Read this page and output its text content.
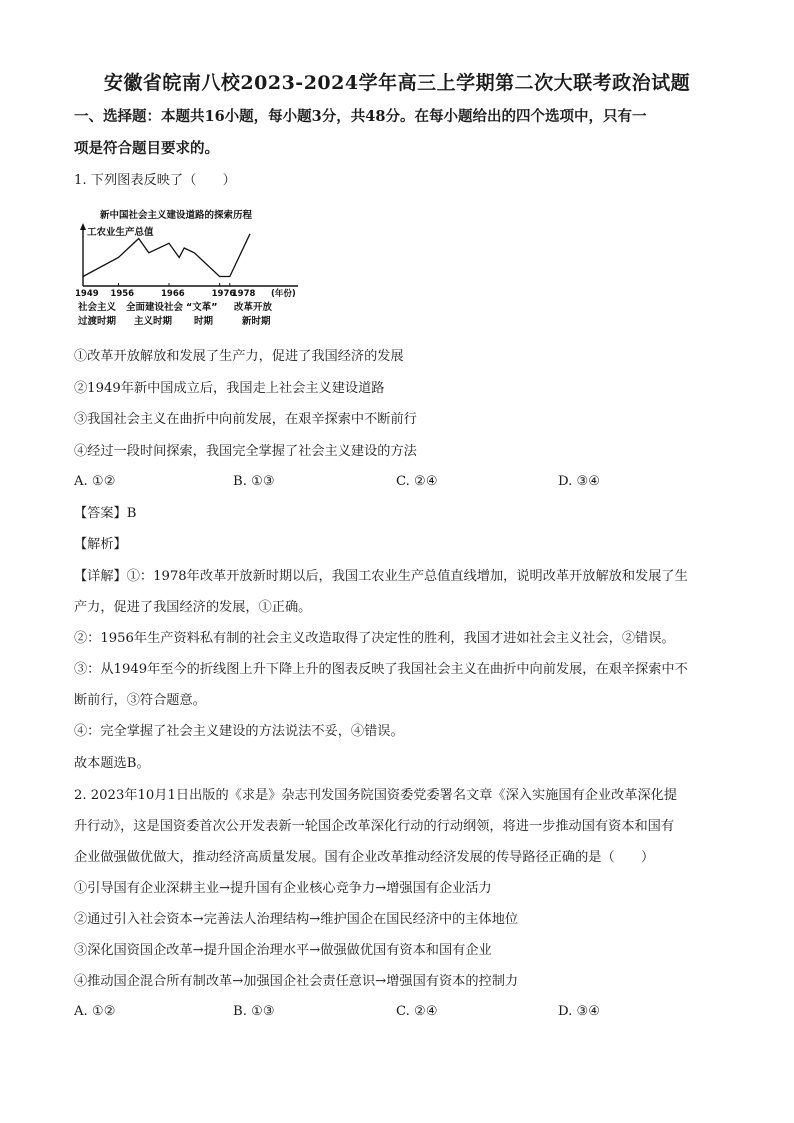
安徽省皖南八校2023-2024学年高三上学期第二次大联考政治试题
一、选择题：本题共16小题，每小题3分，共48分。在每小题给出的四个选项中，只有一
项是符合题目要求的。
1. 下列图表反映了（　　）
新中国社会主义建设道路的探索历程
工农业生产总值
1949 1956	1966	1976
1978 (年份)
社会主义
过渡时期
全面建设社会
主义时期
“文革”
时期
改革开放
新时期
①改革开放解放和发展了生产力，促进了我国经济的发展
②1949年新中国成立后，我国走上社会主义建设道路
③我国社会主义在曲折中向前发展，在艰辛探索中不断前行
④经过一段时间探索，我国完全掌握了社会主义建设的方法
A. ①②	B. ①③	C. ②④	D. ③④
【答案】B
【解析】
【详解】①：1978年改革开放新时期以后，我国工农业生产总值直线增加，说明改革开放解放和发展了生
产力，促进了我国经济的发展，①正确。
②：1956年生产资料私有制的社会主义改造取得了决定性的胜利，我国才进如社会主义社会，②错误。
③：从1949年至今的折线图上升下降上升的图表反映了我国社会主义在曲折中向前发展，在艰辛探索中不
断前行，③符合题意。
④：完全掌握了社会主义建设的方法说法不妥，④错误。
故本题选B。
2. 2023年10月1日出版的《求是》杂志刊发国务院国资委党委署名文章《深入实施国有企业改革深化提
升行动》，这是国资委首次公开发表新一轮国企改革深化行动的行动纲领，将进一步推动国有资本和国有
企业做强做优做大，推动经济高质量发展。国有企业改革推动经济发展的传导路径正确的是（　　）
①引导国有企业深耕主业→提升国有企业核心竞争力→增强国有企业活力
②通过引入社会资本→完善法人治理结构→维护国企在国民经济中的主体地位
③深化国资国企改革→提升国企治理水平→做强做优国有资本和国有企业
④推动国企混合所有制改革→加强国企社会责任意识→增强国有资本的控制力
A. ①②	B. ①③	C. ②④	D. ③④
